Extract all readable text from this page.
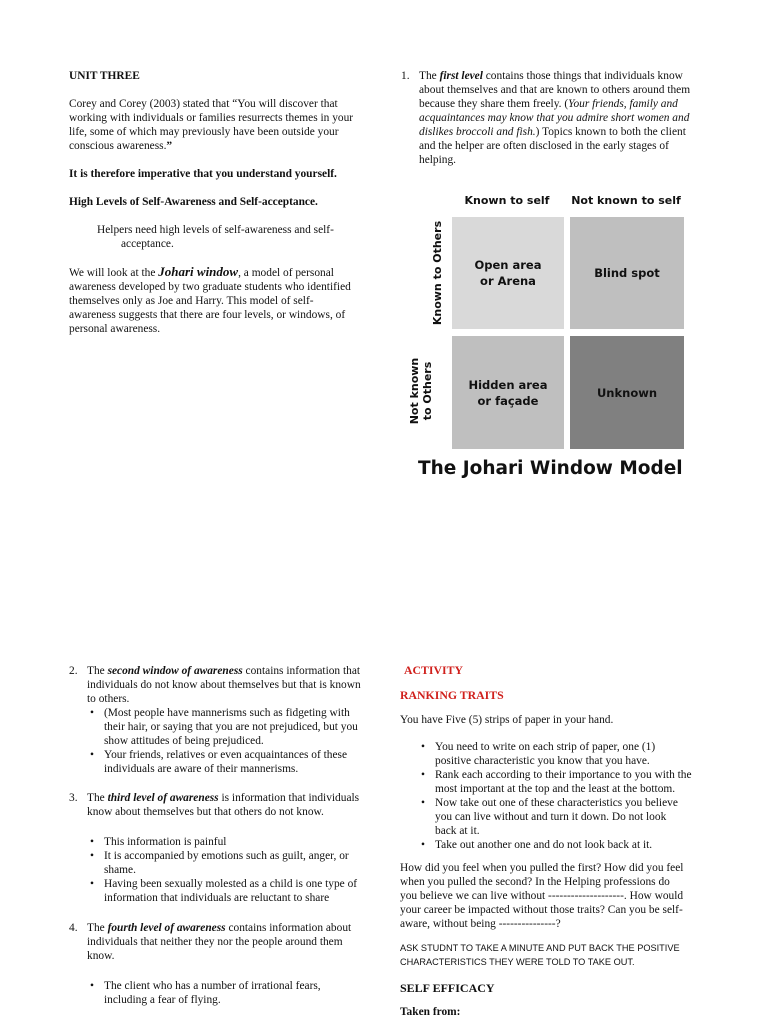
UNIT THREE

Corey and Corey (2003) stated that “You will discover that

working with individuals or families resurrects themes in your

life, some of which may previously have been outside your

conscious awareness.”

It is therefore imperative that you understand yourself.

High Levels of Self-Awareness and Self-acceptance.

Helpers need high levels of self-awareness and self-

acceptance.

We will look at the Johari window, a model of personal

awareness developed by two graduate students who identified

themselves only as Joe and Harry. This model of self-

awareness suggests that there are four levels, or windows, of

personal awareness.

1. The first level contains those things that individuals know

about themselves and that are known to others around them

because they share them freely. (Your friends, family and

acquaintances may know that you admire short women and

dislikes broccoli and fish.) Topics known to both the client

and the helper are often disclosed in the early stages of

helping.

Known to self	Not known to self
Known to Others
Not known to Others
Open area
or Arena
Blind spot
Hidden area
or façade
Unknown
The Johari Window Model
2. The second window of awareness contains information that

individuals do not know about themselves but that is known

to others.

• (Most people have mannerisms such as fidgeting with
their hair, or saying that you are not prejudiced, but you
show attitudes of being prejudiced.
• Your friends, relatives or even acquaintances of these
individuals are aware of their mannerisms.
3. The third level of awareness is information that individuals

know about themselves but that others do not know.

• This information is painful
• It is accompanied by emotions such as guilt, anger, or
shame.
• Having been sexually molested as a child is one type of
information that individuals are reluctant to share
4. The fourth level of awareness contains information about

individuals that neither they nor the people around them

know.

• The client who has a number of irrational fears,
including a fear of flying.

ACTIVITY

RANKING TRAITS

You have Five (5) strips of paper in your hand.

• You need to write on each strip of paper, one (1)
positive characteristic you know that you have.
• Rank each according to their importance to you with the
most important at the top and the least at the bottom.
• Now take out one of these characteristics you believe
you can live without and turn it down. Do not look
back at it.
• Take out another one and do not look back at it.

How did you feel when you pulled the first? How did you feel

when you pulled the second? In the Helping professions do

you believe we can live without --------------------. How would

your career be impacted without those traits? Can you be self-

aware, without being ---------------?

ASK STUDNT TO TAKE A MINUTE AND PUT BACK THE POSITIVE

CHARACTERISTICS THEY WERE TOLD TO TAKE OUT.

SELF EFFICACY

Taken from:
